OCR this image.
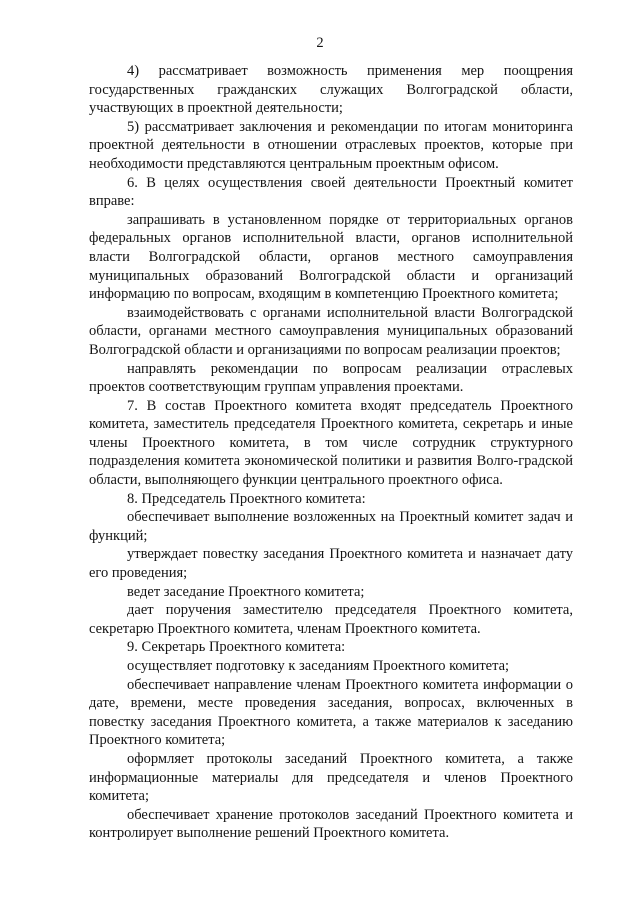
2

4) рассматривает возможность применения мер поощрения государственных гражданских служащих Волгоградской области, участвующих в проектной деятельности;

5) рассматривает заключения и рекомендации по итогам мониторинга проектной деятельности в отношении отраслевых проектов, которые при необходимости представляются центральным проектным офисом.

6. В целях осуществления своей деятельности Проектный комитет вправе:

запрашивать в установленном порядке от территориальных органов федеральных органов исполнительной власти, органов исполнительной власти Волгоградской области, органов местного самоуправления муниципальных образований Волгоградской области и организаций информацию по вопросам, входящим в компетенцию Проектного комитета;

взаимодействовать с органами исполнительной власти Волгоградской области, органами местного самоуправления муниципальных образований Волгоградской области и организациями по вопросам реализации проектов;

направлять рекомендации по вопросам реализации отраслевых проектов соответствующим группам управления проектами.

7. В состав Проектного комитета входят председатель Проектного комитета, заместитель председателя Проектного комитета, секретарь и иные члены Проектного комитета, в том числе сотрудник структурного подразделения комитета экономической политики и развития Волго-градской области, выполняющего функции центрального проектного офиса.

8. Председатель Проектного комитета:

обеспечивает выполнение возложенных на Проектный комитет задач и функций;

утверждает повестку заседания Проектного комитета и назначает дату его проведения;

ведет заседание Проектного комитета;

дает поручения заместителю председателя Проектного комитета, секретарю Проектного комитета, членам Проектного комитета.

9. Секретарь Проектного комитета:

осуществляет подготовку к заседаниям Проектного комитета;

обеспечивает направление членам Проектного комитета информации о дате, времени, месте проведения заседания, вопросах, включенных в повестку заседания Проектного комитета, а также материалов к заседанию Проектного комитета;

оформляет протоколы заседаний Проектного комитета, а также информационные материалы для председателя и членов Проектного комитета;

обеспечивает хранение протоколов заседаний Проектного комитета и контролирует выполнение решений Проектного комитета.
